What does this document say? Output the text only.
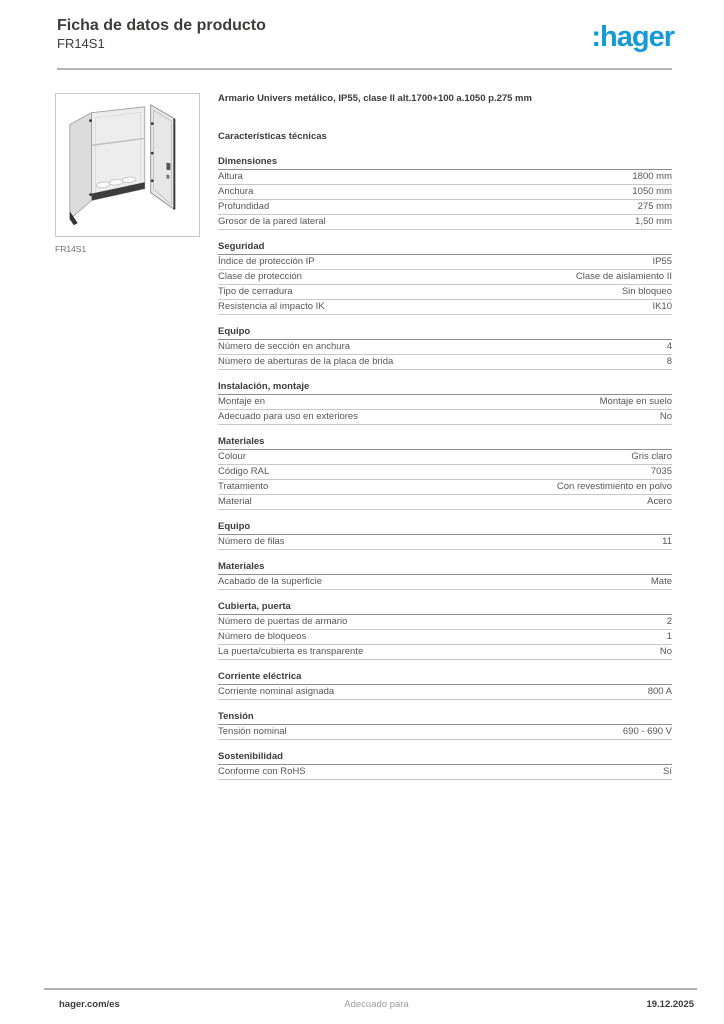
Ficha de datos de producto
FR14S1	:hager
FR14S1
Armario Univers metálico, IP55, clase II alt.1700+100 a.1050 p.275 mm
Características técnicas
Dimensiones
Altura	1800 mm
Anchura	1050 mm
Profundidad	275 mm
Grosor de la pared lateral	1,50 mm
Seguridad
Índice de protección IP	IP55
Clase de protección	Clase de aislamiento II
Tipo de cerradura	Sin bloqueo
Resistencia al impacto IK	IK10
Equipo
Número de sección en anchura	4
Número de aberturas de la placa de brida	8
Instalación, montaje
Montaje en	Montaje en suelo
Adecuado para uso en exteriores	No
Materiales
Colour	Gris claro
Código RAL	7035
Tratamiento	Con revestimiento en polvo
Material	Acero
Equipo
Número de filas	11
Materiales
Acabado de la superficie	Mate
Cubierta, puerta
Número de puertas de armario	2
Número de bloqueos	1
La puerta/cubierta es transparente	No
Corriente eléctrica
Corriente nominal asignada	800 A
Tensión
Tensión nominal	690 - 690 V
Sostenibilidad
Conforme con RoHS	Sí
hager.com/es	Adecuado para	19.12.2025
